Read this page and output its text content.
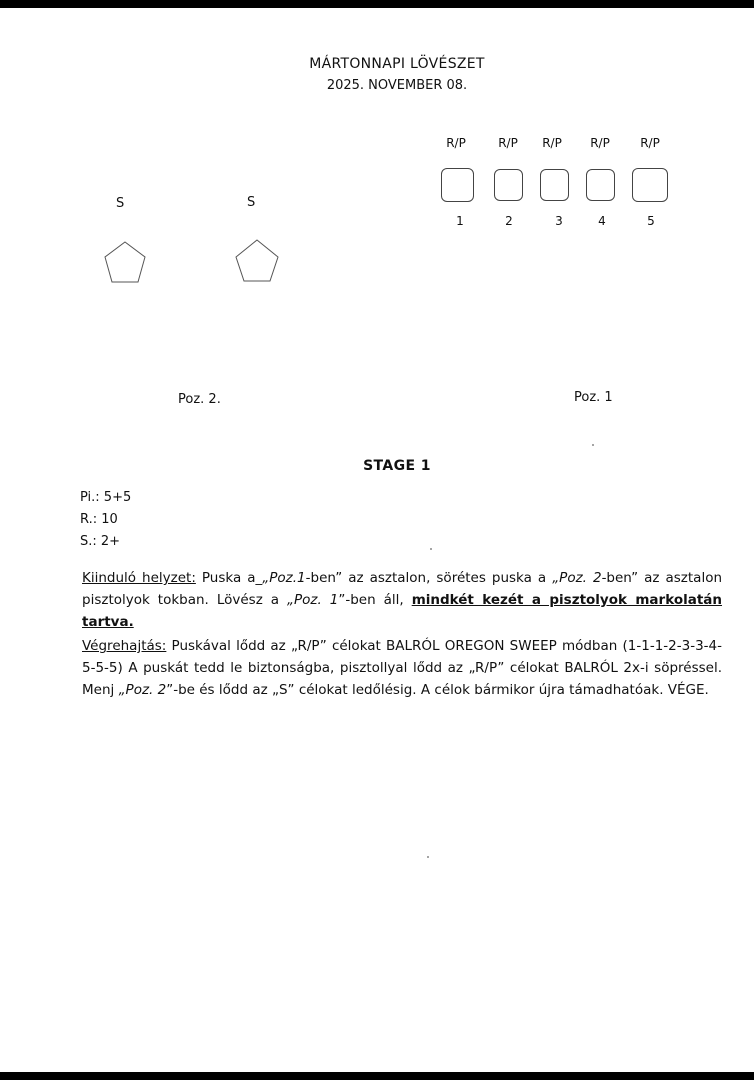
MÁRTONNAPI LÖVÉSZET
2025. NOVEMBER 08.
R/P	R/P	R/P	R/P	R/P
1	2	3	4	5
S	S
Poz. 2.	Poz. 1
STAGE 1
Pi.: 5+5
R.: 10
S.: 2+

Kiinduló helyzet: Puska a_„Poz.1-ben” az asztalon, sörétes puska a „Poz. 2-ben” az asztalon pisztolyok tokban. Lövész a „Poz. 1”-ben áll, mindkét kezét a pisztolyok markolatán tartva.

Végrehajtás: Puskával lődd az „R/P” célokat BALRÓL OREGON SWEEP módban (1-1-1-2-3-3-4-5-5-5) A puskát tedd le biztonságba, pisztollyal lődd az „R/P” célokat BALRÓL 2x-i söpréssel. Menj „Poz. 2”-be és lődd az „S” célokat ledőlésig. A célok bármikor újra támadhatóak. VÉGE.
